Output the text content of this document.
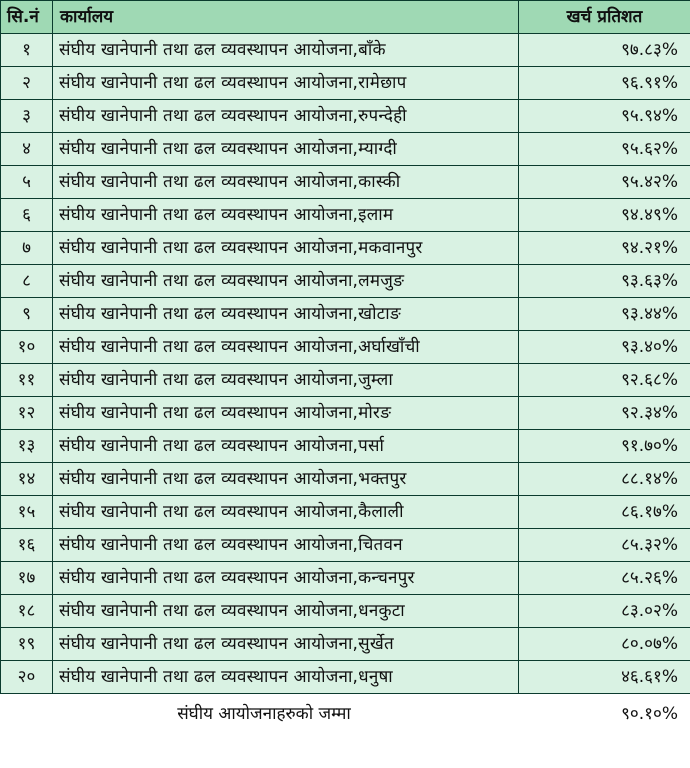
सि.नं	कार्यालय	खर्च प्रतिशत
१	संघीय खानेपानी तथा ढल व्यवस्थापन आयोजना,बाँके	९७.८३%
२	संघीय खानेपानी तथा ढल व्यवस्थापन आयोजना,रामेछाप	९६.९१%
३	संघीय खानेपानी तथा ढल व्यवस्थापन आयोजना,रुपन्देही	९५.९४%
४	संघीय खानेपानी तथा ढल व्यवस्थापन आयोजना,म्याग्दी	९५.६२%
५	संघीय खानेपानी तथा ढल व्यवस्थापन आयोजना,कास्की	९५.४२%
६	संघीय खानेपानी तथा ढल व्यवस्थापन आयोजना,इलाम	९४.४९%
७	संघीय खानेपानी तथा ढल व्यवस्थापन आयोजना,मकवानपुर	९४.२१%
८	संघीय खानेपानी तथा ढल व्यवस्थापन आयोजना,लमजुङ	९३.६३%
९	संघीय खानेपानी तथा ढल व्यवस्थापन आयोजना,खोटाङ	९३.४४%
१०	संघीय खानेपानी तथा ढल व्यवस्थापन आयोजना,अर्घाखाँची	९३.४०%
११	संघीय खानेपानी तथा ढल व्यवस्थापन आयोजना,जुम्ला	९२.६८%
१२	संघीय खानेपानी तथा ढल व्यवस्थापन आयोजना,मोरङ	९२.३४%
१३	संघीय खानेपानी तथा ढल व्यवस्थापन आयोजना,पर्सा	९१.७०%
१४	संघीय खानेपानी तथा ढल व्यवस्थापन आयोजना,भक्तपुर	८८.१४%
१५	संघीय खानेपानी तथा ढल व्यवस्थापन आयोजना,कैलाली	८६.१७%
१६	संघीय खानेपानी तथा ढल व्यवस्थापन आयोजना,चितवन	८५.३२%
१७	संघीय खानेपानी तथा ढल व्यवस्थापन आयोजना,कन्चनपुर	८५.२६%
१८	संघीय खानेपानी तथा ढल व्यवस्थापन आयोजना,धनकुटा	८३.०२%
१९	संघीय खानेपानी तथा ढल व्यवस्थापन आयोजना,सुर्खेत	८०.०७%
२०	संघीय खानेपानी तथा ढल व्यवस्थापन आयोजना,धनुषा	४६.६१%
संघीय आयोजनाहरुको जम्मा	९०.१०%
